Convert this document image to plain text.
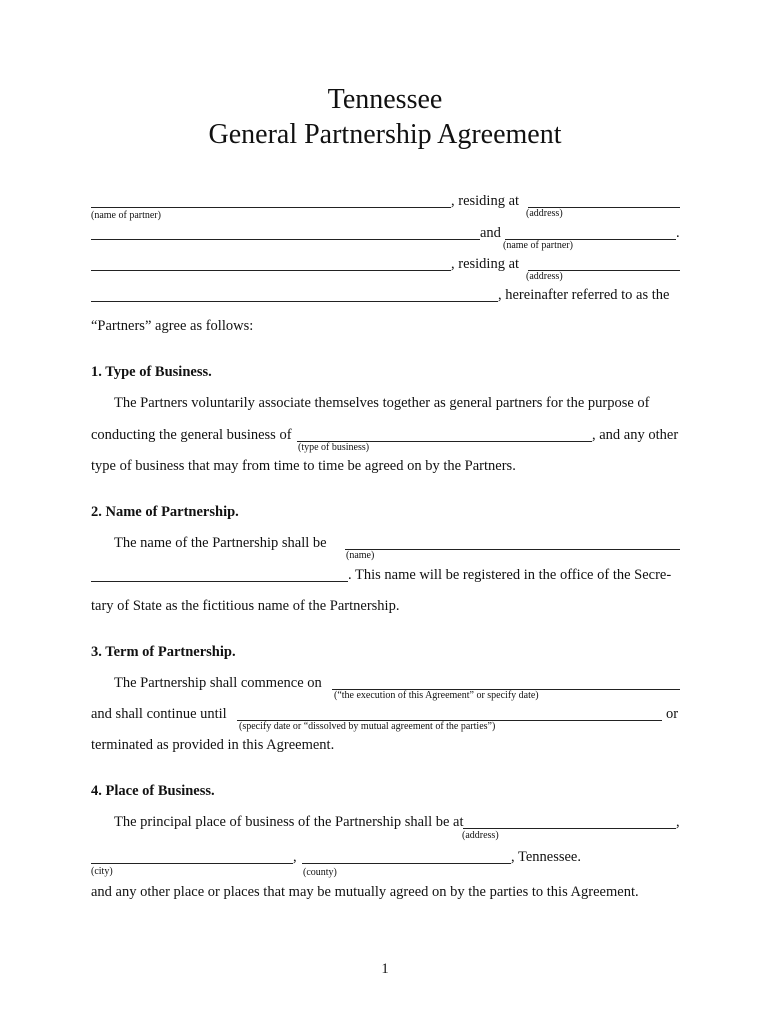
Tennessee
General Partnership Agreement
, residing at
(name of partner)	(address)
and	.
(name of partner)
, residing at
(address)
, hereinafter referred to as the
“Partners” agree as follows:
1. Type of Business.
The Partners voluntarily associate themselves together as general partners for the purpose of
conducting the general business of	, and any other
(type of business)
type of business that may from time to time be agreed on by the Partners.
2. Name of Partnership.
The name of the Partnership shall be
(name)
. This name will be registered in the office of the Secre-
tary of State as the fictitious name of the Partnership.
3. Term of Partnership.
The Partnership shall commence on
(“the execution of this Agreement” or specify date)
and shall continue until	or
(specify date or “dissolved by mutual agreement of the parties”)
terminated as provided in this Agreement.
4. Place of Business.
The principal place of business of the Partnership shall be at	,
(address)
,	, Tennessee.
(city)	(county)
and any other place or places that may be mutually agreed on by the parties to this Agreement.
1
